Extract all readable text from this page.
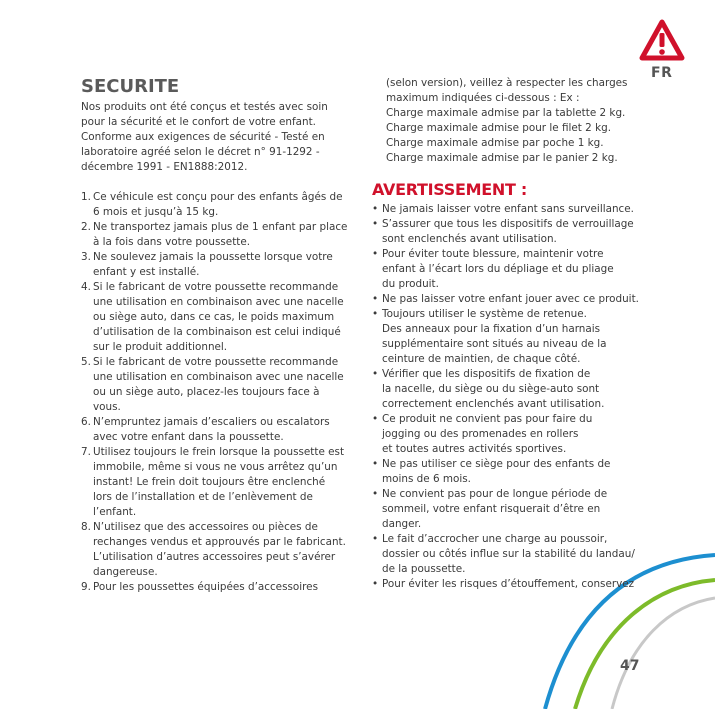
FR
SECURITE

Nos produits ont été conçus et testés avec soin
pour la sécurité et le confort de votre enfant.
Conforme aux exigences de sécurité - Testé en
laboratoire agréé selon le décret n° 91-1292 -
décembre 1991 - EN1888:2012.

1. Ce véhicule est conçu pour des enfants âgés de
6 mois et jusqu’à 15 kg.
2. Ne transportez jamais plus de 1 enfant par place
à la fois dans votre poussette.
3. Ne soulevez jamais la poussette lorsque votre
enfant y est installé.
4. Si le fabricant de votre poussette recommande
une utilisation en combinaison avec une nacelle
ou siège auto, dans ce cas, le poids maximum
d’utilisation de la combinaison est celui indiqué
sur le produit additionnel.
5. Si le fabricant de votre poussette recommande
une utilisation en combinaison avec une nacelle
ou un siège auto, placez-les toujours face à
vous.
6. N’empruntez jamais d’escaliers ou escalators
avec votre enfant dans la poussette.
7. Utilisez toujours le frein lorsque la poussette est
immobile, même si vous ne vous arrêtez qu’un
instant! Le frein doit toujours être enclenché
lors de l’installation et de l’enlèvement de
l’enfant.
8. N’utilisez que des accessoires ou pièces de
rechanges vendus et approuvés par le fabricant.
L’utilisation d’autres accessoires peut s’avérer
dangereuse.
9. Pour les poussettes équipées d’accessoires
(selon version), veillez à respecter les charges
maximum indiquées ci-dessous : Ex :
Charge maximale admise par la tablette 2 kg.
Charge maximale admise pour le filet 2 kg.
Charge maximale admise par poche 1 kg.
Charge maximale admise par le panier 2 kg.
AVERTISSEMENT :
• Ne jamais laisser votre enfant sans surveillance.
• S’assurer que tous les dispositifs de verrouillage
sont enclenchés avant utilisation.
• Pour éviter toute blessure, maintenir votre
enfant à l’écart lors du dépliage et du pliage
du produit.
• Ne pas laisser votre enfant jouer avec ce produit.
• Toujours utiliser le système de retenue.
Des anneaux pour la fixation d’un harnais
supplémentaire sont situés au niveau de la
ceinture de maintien, de chaque côté.
• Vérifier que les dispositifs de fixation de
la nacelle, du siège ou du siège-auto sont
correctement enclenchés avant utilisation.
• Ce produit ne convient pas pour faire du
jogging ou des promenades en rollers
et toutes autres activités sportives.
• Ne pas utiliser ce siège pour des enfants de
moins de 6 mois.
• Ne convient pas pour de longue période de
sommeil, votre enfant risquerait d’être en
danger.
• Le fait d’accrocher une charge au poussoir,
dossier ou côtés influe sur la stabilité du landau/
de la poussette.
• Pour éviter les risques d’étouffement, conservez
47
